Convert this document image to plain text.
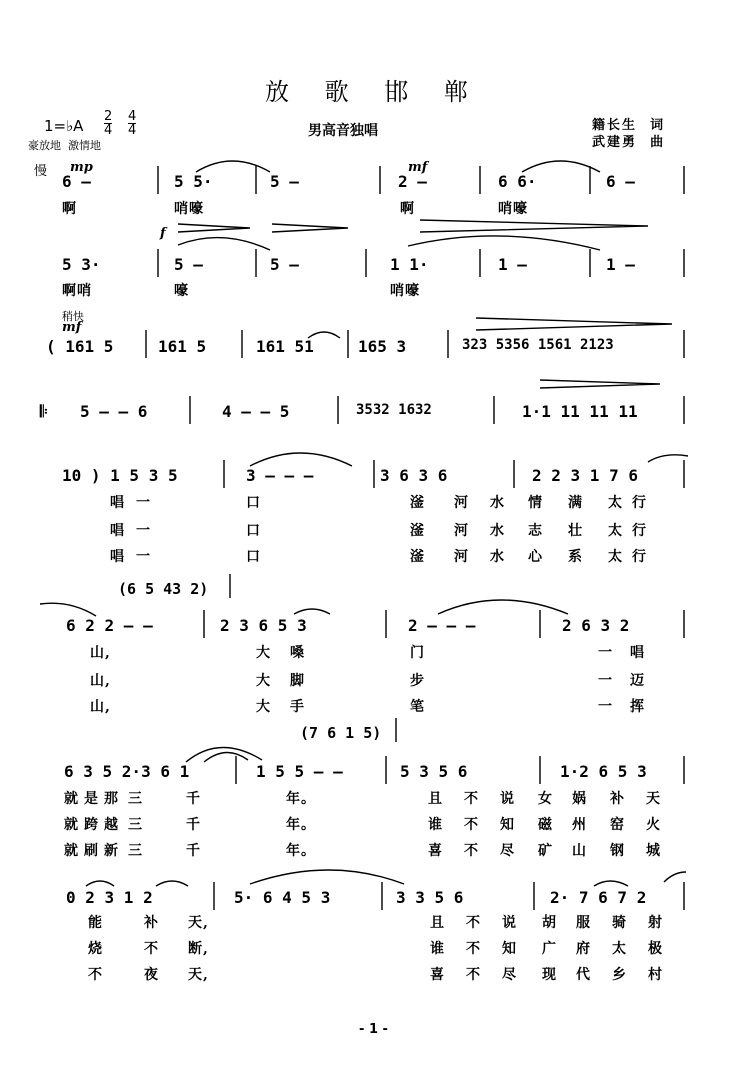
放 歌 邯 郸
1=♭A
2
4
4
4	男高音独唱	籍长生 词
武建勇 曲
豪放地 激情地
慢 mp	mf
6 –	5 5·	5 –	2 –	6 6·	6 –
啊	哨嚎	啊	哨嚎
f
5 3·	5 –	5 –	1 1·	1 –	1 –
啊哨	嚎	哨嚎
稍快
mf
( 161 5	161 5	161 51	165 3	323 5356 1561 2123
𝄆 5 – – 6	4 – – 5	3532 1632	1·1 11 11 11
10 ) 1 5 3 5	3 – – –	3 6 3 6	2 2 3 1 7 6
唱 一	口	滏 河 水 情 满 太 行
唱 一	口	滏 河 水 志 壮 太 行
唱 一	口	滏 河 水 心 系 太 行
(6 5 43 2)
6 2 2 – –	2 3 6 5 3	2 – – –	2 6 3 2
山,	大 嗓	门	一 唱
山,	大 脚	步	一 迈
山,	大 手	笔	一 挥
(7 6 1 5)
6 3 5 2·3 6 1	1 5 5 – –	5 3 5 6	1·2 6 5 3
就 是 那 三	千	年。	且 不 说 女 娲 补 天
就 跨 越 三	千	年。	谁 不 知 磁 州 窑 火
就 刷 新 三	千	年。	喜 不 尽 矿 山 钢 城
0 2 3 1 2	5· 6 4 5 3	3 3 5 6	2· 7 6 7 2
能	补 天,	且 不 说 胡 服 骑 射
烧	不 断,	谁 不 知 广 府 太 极
不	夜 天,	喜 不 尽 现 代 乡 村
- 1 -
